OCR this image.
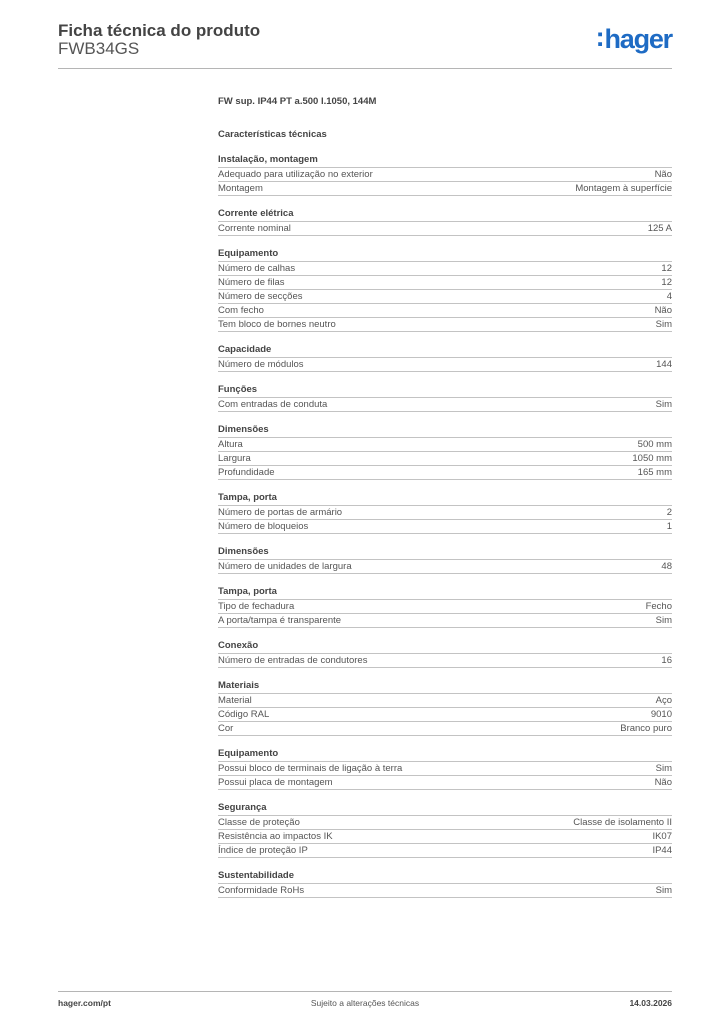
Ficha técnica do produto
FWB34GS	:hager
FW sup. IP44 PT a.500 l.1050, 144M
Características técnicas
Instalação, montagem
Adequado para utilização no exterior	Não
Montagem	Montagem à superfície
Corrente elétrica
Corrente nominal	125 A
Equipamento
Número de calhas	12
Número de filas	12
Número de secções	4
Com fecho	Não
Tem bloco de bornes neutro	Sim
Capacidade
Número de módulos	144
Funções
Com entradas de conduta	Sim
Dimensões
Altura	500 mm
Largura	1050 mm
Profundidade	165 mm
Tampa, porta
Número de portas de armário	2
Número de bloqueios	1
Dimensões
Número de unidades de largura	48
Tampa, porta
Tipo de fechadura	Fecho
A porta/tampa é transparente	Sim
Conexão
Número de entradas de condutores	16
Materiais
Material	Aço
Código RAL	9010
Cor	Branco puro
Equipamento
Possui bloco de terminais de ligação à terra	Sim
Possui placa de montagem	Não
Segurança
Classe de proteção	Classe de isolamento II
Resistência ao impactos IK	IK07
Índice de proteção IP	IP44
Sustentabilidade
Conformidade RoHs	Sim
hager.com/pt	Sujeito a alterações técnicas	14.03.2026
